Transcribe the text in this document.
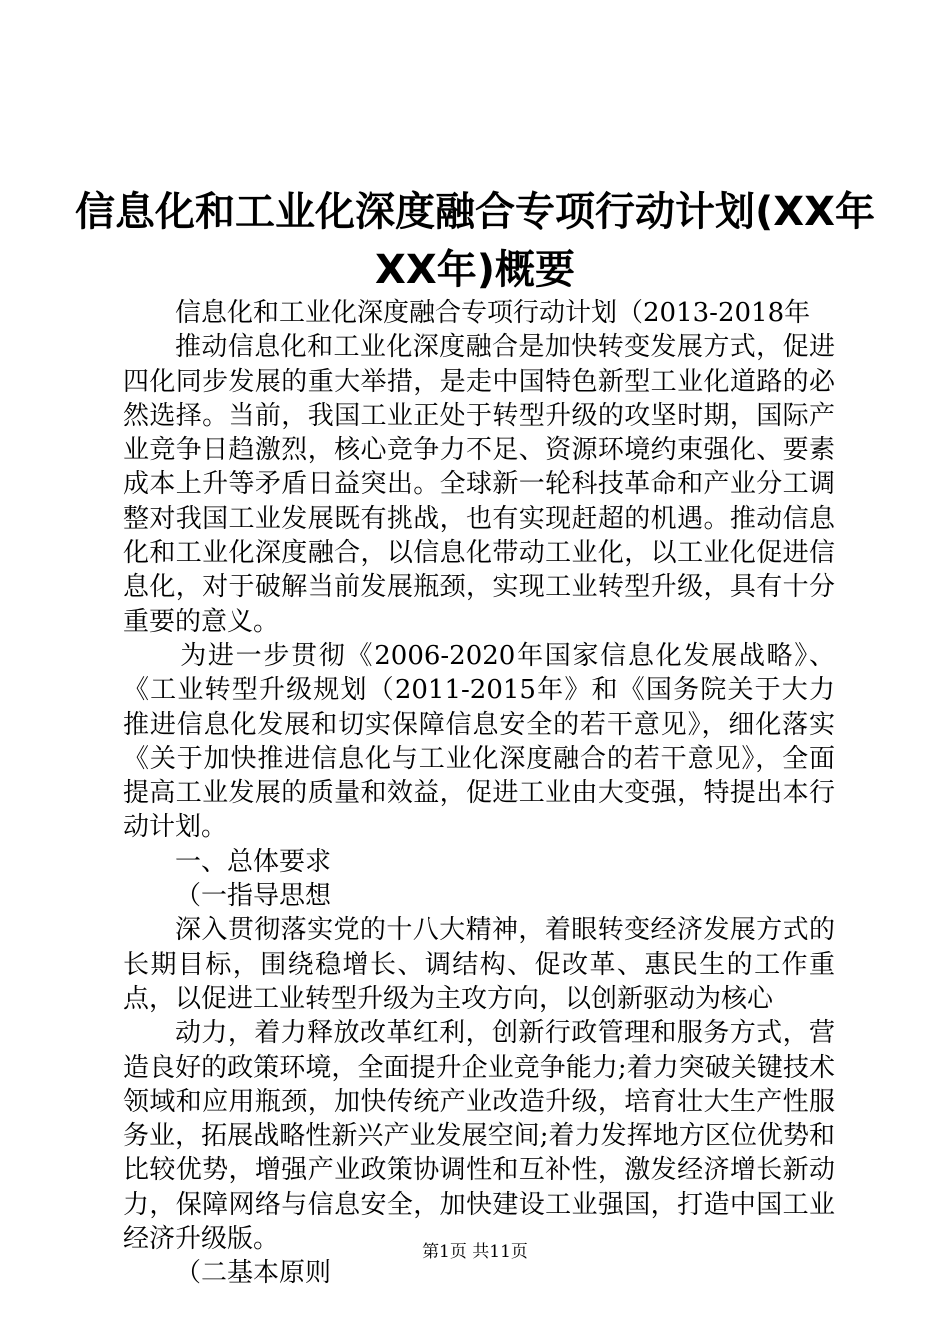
信息化和工业化深度融合专项行动计划(XX年
XX年)概要

信息化和工业化深度融合专项行动计划（2013-2018年

推动信息化和工业化深度融合是加快转变发展方式，促进四化同步发展的重大举措，是走中国特色新型工业化道路的必然选择。当前，我国工业正处于转型升级的攻坚时期，国际产业竞争日趋激烈，核心竞争力不足、资源环境约束强化、要素成本上升等矛盾日益突出。全球新一轮科技革命和产业分工调整对我国工业发展既有挑战，也有实现赶超的机遇。推动信息化和工业化深度融合，以信息化带动工业化，以工业化促进信息化，对于破解当前发展瓶颈，实现工业转型升级，具有十分重要的意义。

为进一步贯彻《2006-2020年国家信息化发展战略》、《工业转型升级规划（2011-2015年》和《国务院关于大力推进信息化发展和切实保障信息安全的若干意见》，细化落实《关于加快推进信息化与工业化深度融合的若干意见》，全面提高工业发展的质量和效益，促进工业由大变强，特提出本行动计划。

一、总体要求

（一指导思想

深入贯彻落实党的十八大精神，着眼转变经济发展方式的长期目标，围绕稳增长、调结构、促改革、惠民生的工作重点，以促进工业转型升级为主攻方向，以创新驱动为核心

动力，着力释放改革红利，创新行政管理和服务方式，营造良好的政策环境，全面提升企业竞争能力;着力突破关键技术领域和应用瓶颈，加快传统产业改造升级，培育壮大生产性服务业，拓展战略性新兴产业发展空间;着力发挥地方区位优势和比较优势，增强产业政策协调性和互补性，激发经济增长新动力，保障网络与信息安全，加快建设工业强国，打造中国工业经济升级版。

（二基本原则

第1页 共11页
